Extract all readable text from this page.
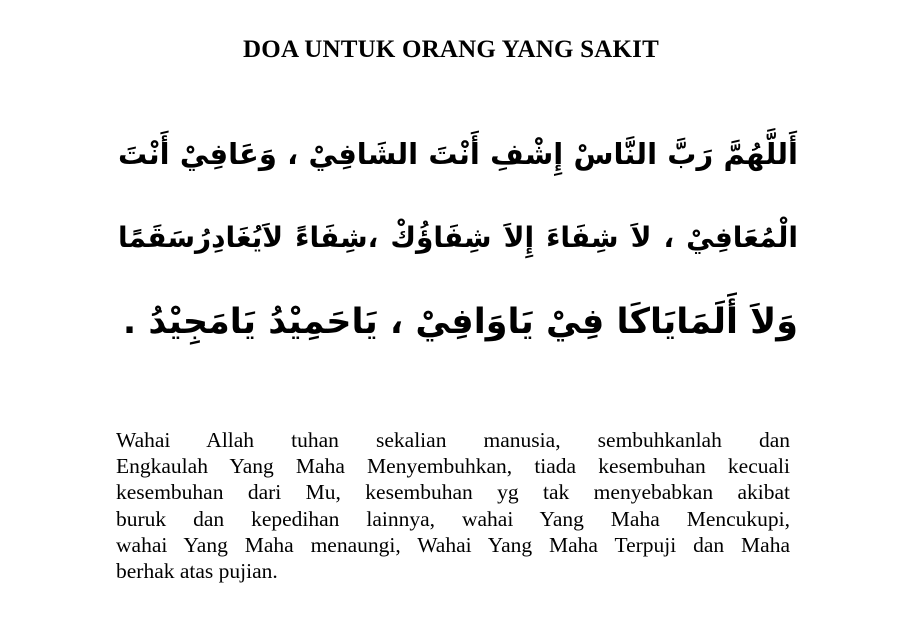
DOA UNTUK ORANG YANG SAKIT
أَللَّهُمَّ رَبَّ النَّاسْ إِشْفِ أَنْتَ الشَافِيْ ، وَعَافِيْ أَنْتَ
الْمُعَافِيْ ، لاَ شِفَاءَ إِلاَ شِفَاؤُكْ ،شِفَاءً لاَيُغَادِرُسَقَمًا
وَلاَ أَلَمَايَاكَا فِيْ يَاوَافِيْ ، يَاحَمِيْدُ يَامَجِيْدُ .
Wahai Allah tuhan sekalian manusia, sembuhkanlah dan
Engkaulah Yang Maha Menyembuhkan, tiada kesembuhan kecuali
kesembuhan dari Mu, kesembuhan yg tak menyebabkan akibat
buruk dan kepedihan lainnya, wahai Yang Maha Mencukupi,
wahai Yang Maha menaungi, Wahai Yang Maha Terpuji dan Maha
berhak atas pujian.
